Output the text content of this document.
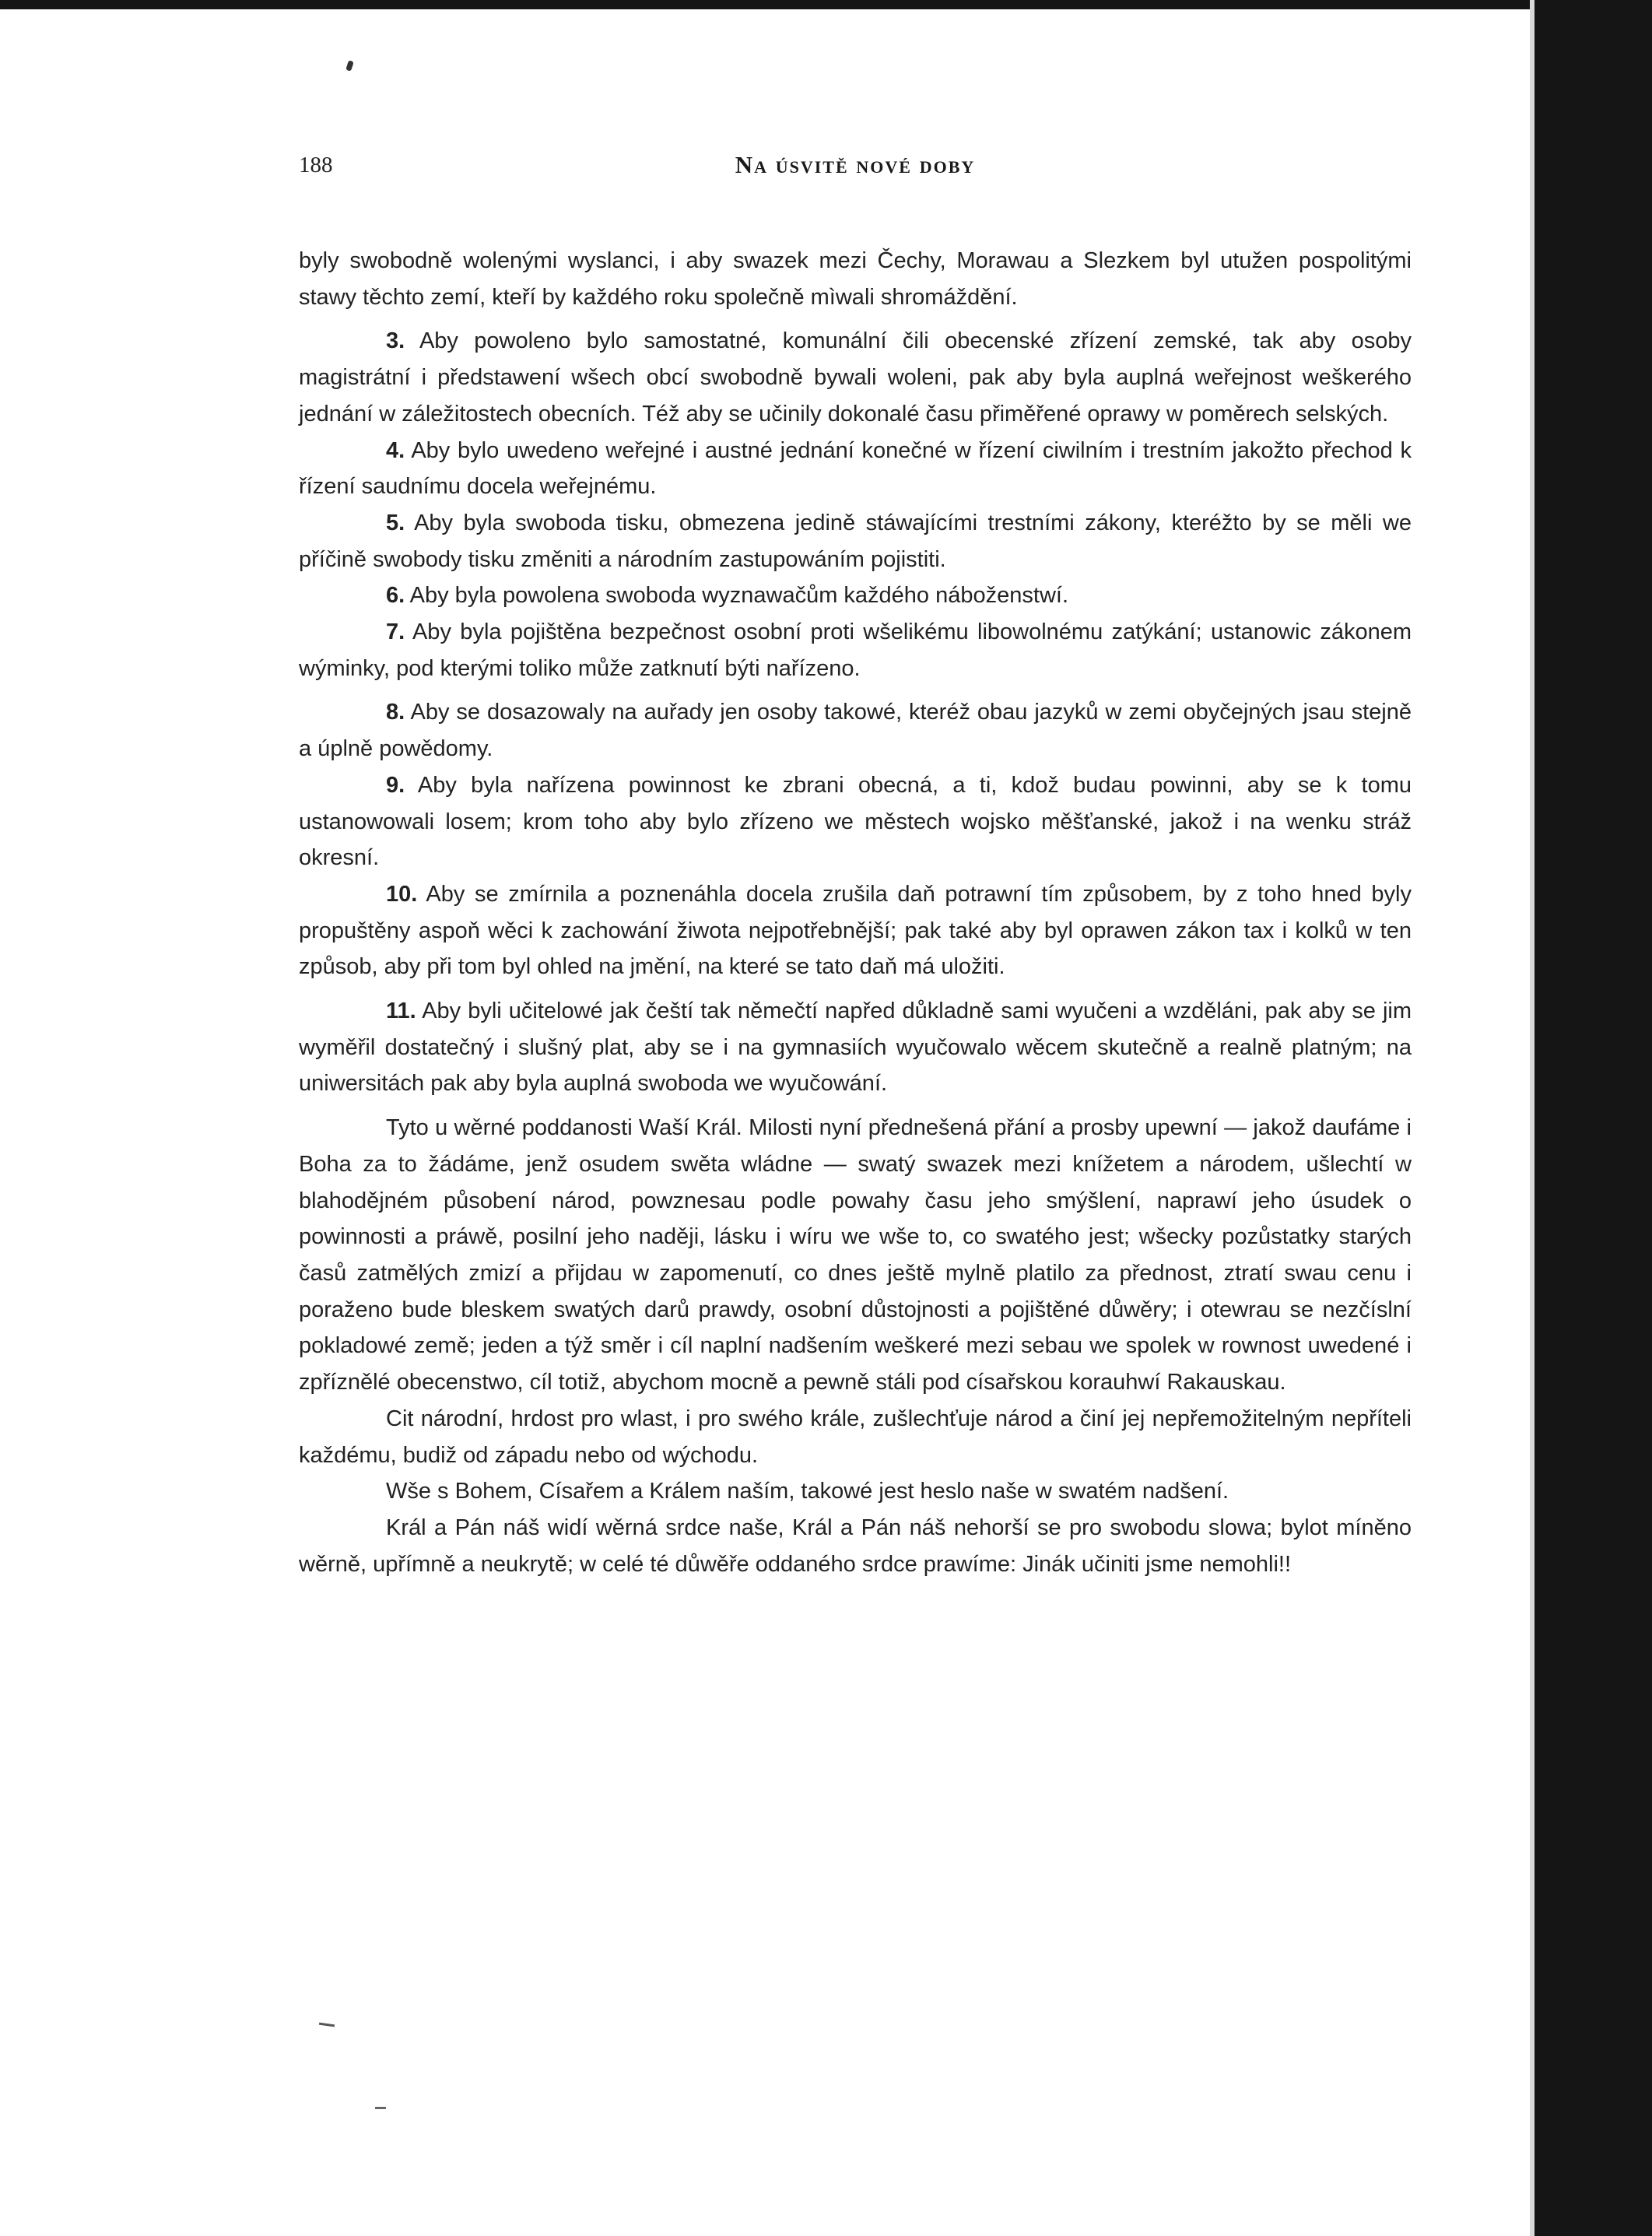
Na úsvitě nové doby
188

byly swobodně wolenými wyslanci, i aby swazek mezi Čechy, Morawau a Slezkem byl utužen pospolitými stawy těchto zemí, kteří by každého roku společně mìwali shromáždění.

3. Aby powoleno bylo samostatné, komunální čili obecenské zřízení zemské, tak aby osoby magistrátní i předstawení wšech obcí swobodně bywali woleni, pak aby byla auplná weřejnost weškerého jednání w záležitostech obecních. Též aby se učinily dokonalé času přiměřené oprawy w poměrech selských.

4. Aby bylo uwedeno weřejné i austné jednání konečné w řízení ciwilním i trestním jakožto přechod k řízení saudnímu docela weřejnému.

5. Aby byla swoboda tisku, obmezena jedině stáwajícími trestními zákony, kteréžto by se měli we příčině swobody tisku změniti a národním zastupowáním pojistiti.

6. Aby byla powolena swoboda wyznawačům každého náboženstwí.

7. Aby byla pojištěna bezpečnost osobní proti wšelikému libowolnému zatýkání; ustanowic zákonem wýminky, pod kterými toliko může zatknutí býti nařízeno.

8. Aby se dosazowaly na auřady jen osoby takowé, kteréž obau jazyků w zemi obyčejných jsau stejně a úplně powědomy.

9. Aby byla nařízena powinnost ke zbrani obecná, a ti, kdož budau powinni, aby se k tomu ustanowowali losem; krom toho aby bylo zřízeno we městech wojsko měšťanské, jakož i na wenku stráž okresní.

10. Aby se zmírnila a poznenáhla docela zrušila daň potrawní tím způsobem, by z toho hned byly propuštěny aspoň wěci k zachowání žiwota nejpotřebnější; pak také aby byl oprawen zákon tax i kolků w ten způsob, aby při tom byl ohled na jmění, na které se tato daň má uložiti.

11. Aby byli učitelowé jak čeští tak němečtí napřed důkladně sami wyučeni a wzděláni, pak aby se jim wyměřil dostatečný i slušný plat, aby se i na gymnasiích wyučowalo wěcem skutečně a realně platným; na uniwersitách pak aby byla auplná swoboda we wyučowání.

Tyto u wěrné poddanosti Waší Král. Milosti nyní přednešená přání a prosby upewní — jakož daufáme i Boha za to žádáme, jenž osudem swěta wládne — swatý swazek mezi knížetem a národem, ušlechtí w blahodějném působení národ, powznesau podle powahy času jeho smýšlení, naprawí jeho úsudek o powinnosti a práwě, posilní jeho naději, lásku i wíru we wše to, co swatého jest; wšecky pozůstatky starých časů zatmělých zmizí a přijdau w zapomenutí, co dnes ještě mylně platilo za přednost, ztratí swau cenu i poraženo bude bleskem swatých darů prawdy, osobní důstojnosti a pojištěné důwěry; i otewrau se nezčíslní pokladowé země; jeden a týž směr i cíl naplní nadšením weškeré mezi sebau we spolek w rownost uwedené i zpříznělé obecenstwo, cíl totiž, abychom mocně a pewně stáli pod císařskou korauhwí Rakauskau.

Cit národní, hrdost pro wlast, i pro swého krále, zušlechťuje národ a činí jej nepřemožitelným nepříteli každému, budiž od západu nebo od wýchodu.

Wše s Bohem, Císařem a Králem naším, takowé jest heslo naše w swatém nadšení.

Král a Pán náš widí wěrná srdce naše, Král a Pán náš nehorší se pro swobodu slowa; bylot míněno wěrně, upřímně a neukrytě; w celé té důwěře oddaného srdce prawíme: Jinák učiniti jsme nemohli!!
